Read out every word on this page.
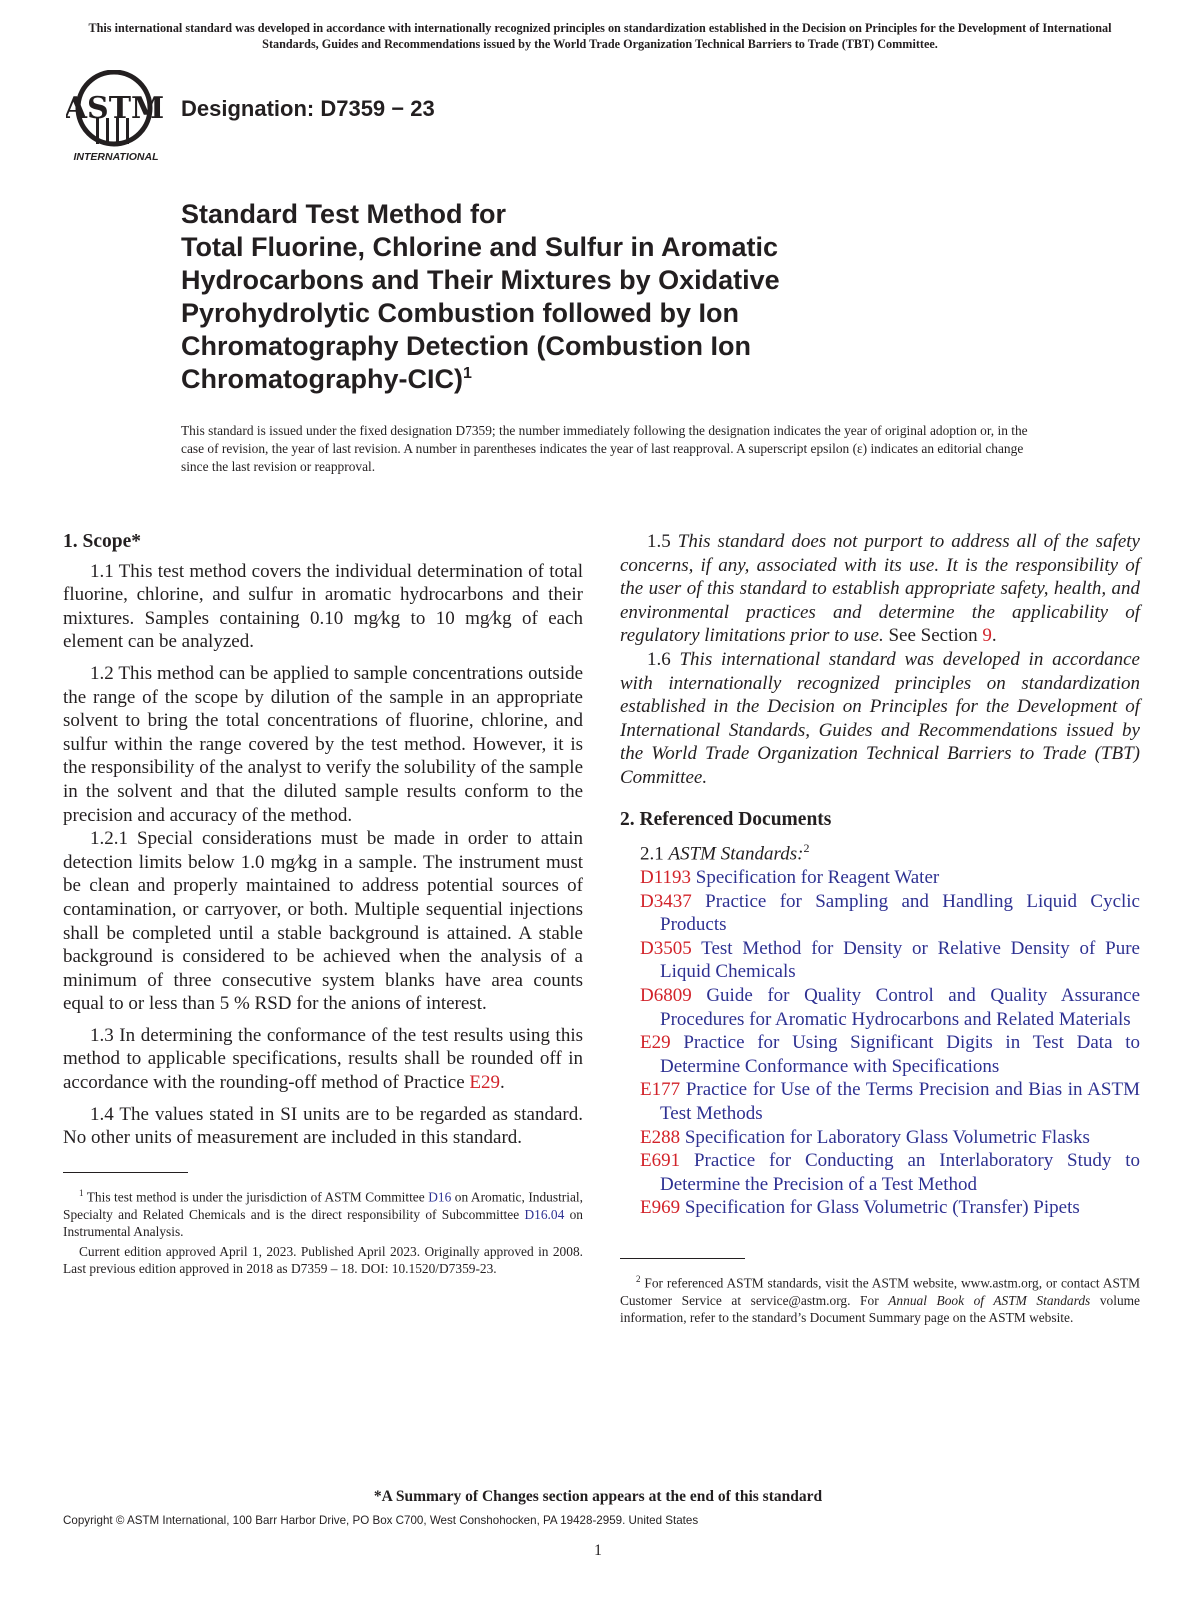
This international standard was developed in accordance with internationally recognized principles on standardization established in the Decision on Principles for the Development of International Standards, Guides and Recommendations issued by the World Trade Organization Technical Barriers to Trade (TBT) Committee.
ASTM
INTERNATIONAL
Designation: D7359 − 23
Standard Test Method for
Total Fluorine, Chlorine and Sulfur in Aromatic
Hydrocarbons and Their Mixtures by Oxidative
Pyrohydrolytic Combustion followed by Ion
Chromatography Detection (Combustion Ion
Chromatography-CIC)$^1$
This standard is issued under the fixed designation D7359; the number immediately following the designation indicates the year of original adoption or, in the case of revision, the year of last revision. A number in parentheses indicates the year of last reapproval. A superscript epsilon (ε) indicates an editorial change since the last revision or reapproval.

1. Scope*

1.1 This test method covers the individual determination of total fluorine, chlorine, and sulfur in aromatic hydrocarbons and their mixtures. Samples containing 0.10 mg⁄kg to 10 mg⁄kg of each element can be analyzed.

1.2 This method can be applied to sample concentrations outside the range of the scope by dilution of the sample in an appropriate solvent to bring the total concentrations of fluorine, chlorine, and sulfur within the range covered by the test method. However, it is the responsibility of the analyst to verify the solubility of the sample in the solvent and that the diluted sample results conform to the precision and accuracy of the method.

1.2.1 Special considerations must be made in order to attain detection limits below 1.0 mg⁄kg in a sample. The instrument must be clean and properly maintained to address potential sources of contamination, or carryover, or both. Multiple sequential injections shall be completed until a stable background is attained. A stable background is considered to be achieved when the analysis of a minimum of three consecutive system blanks have area counts equal to or less than 5 % RSD for the anions of interest.

1.3 In determining the conformance of the test results using this method to applicable specifications, results shall be rounded off in accordance with the rounding-off method of Practice E29.

1.4 The values stated in SI units are to be regarded as standard. No other units of measurement are included in this standard.

$^1$ This test method is under the jurisdiction of ASTM Committee D16 on Aromatic, Industrial, Specialty and Related Chemicals and is the direct responsibility of Subcommittee D16.04 on Instrumental Analysis.

Current edition approved April 1, 2023. Published April 2023. Originally approved in 2008. Last previous edition approved in 2018 as D7359 – 18. DOI: 10.1520/D7359-23.

1.5 This standard does not purport to address all of the safety concerns, if any, associated with its use. It is the responsibility of the user of this standard to establish appropriate safety, health, and environmental practices and determine the applicability of regulatory limitations prior to use. See Section 9.

1.6 This international standard was developed in accordance with internationally recognized principles on standardization established in the Decision on Principles for the Development of International Standards, Guides and Recommendations issued by the World Trade Organization Technical Barriers to Trade (TBT) Committee.

2. Referenced Documents

2.1 ASTM Standards:$^2$

D1193 Specification for Reagent Water

D3437 Practice for Sampling and Handling Liquid Cyclic Products

D3505 Test Method for Density or Relative Density of Pure Liquid Chemicals

D6809 Guide for Quality Control and Quality Assurance Procedures for Aromatic Hydrocarbons and Related Materials

E29 Practice for Using Significant Digits in Test Data to Determine Conformance with Specifications

E177 Practice for Use of the Terms Precision and Bias in ASTM Test Methods

E288 Specification for Laboratory Glass Volumetric Flasks

E691 Practice for Conducting an Interlaboratory Study to Determine the Precision of a Test Method

E969 Specification for Glass Volumetric (Transfer) Pipets

$^2$ For referenced ASTM standards, visit the ASTM website, www.astm.org, or contact ASTM Customer Service at service@astm.org. For Annual Book of ASTM Standards volume information, refer to the standard’s Document Summary page on the ASTM website.

*A Summary of Changes section appears at the end of this standard
Copyright © ASTM International, 100 Barr Harbor Drive, PO Box C700, West Conshohocken, PA 19428-2959. United States
1
